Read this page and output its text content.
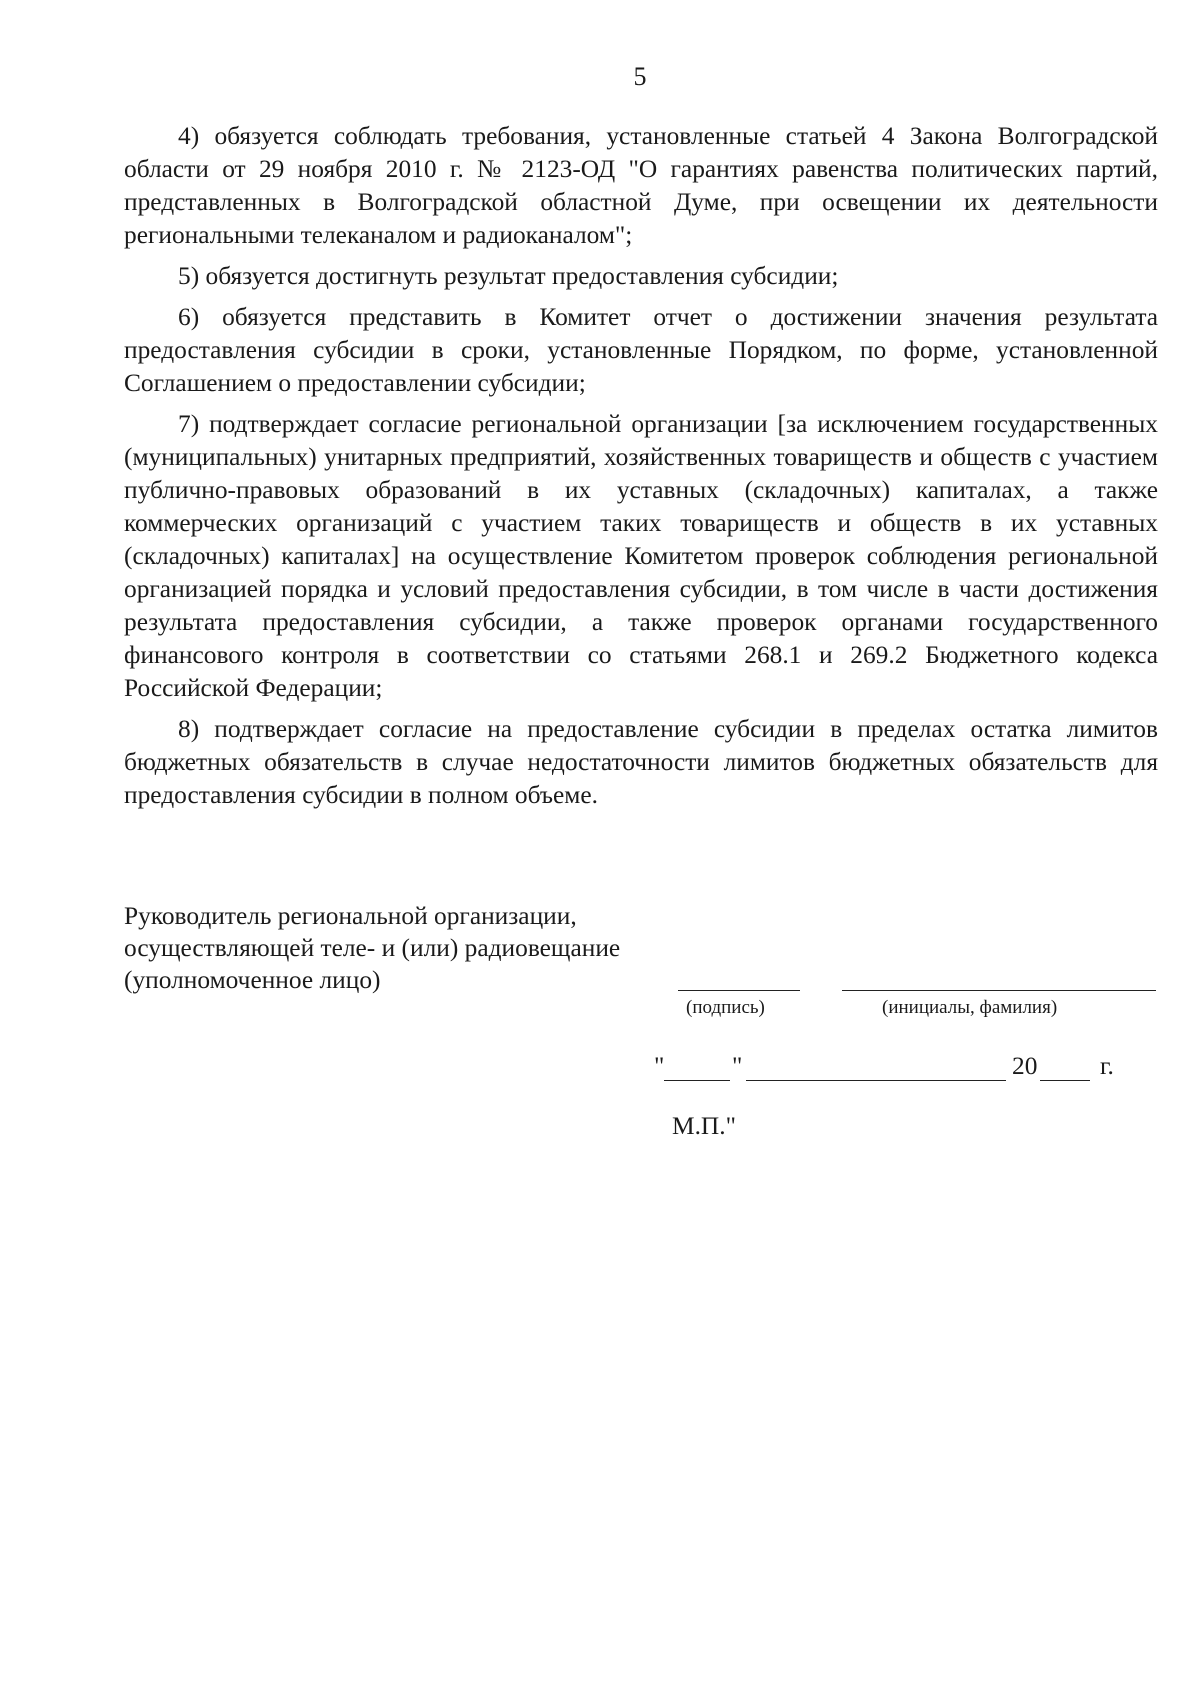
5

4) обязуется соблюдать требования, установленные статьей 4 Закона Волгоградской области от 29 ноября 2010 г. № 2123-ОД "О гарантиях равенства политических партий, представленных в Волгоградской областной Думе, при освещении их деятельности региональными телеканалом и радиоканалом";

5) обязуется достигнуть результат предоставления субсидии;

6) обязуется представить в Комитет отчет о достижении значения результата предоставления субсидии в сроки, установленные Порядком, по форме, установленной Соглашением о предоставлении субсидии;

7) подтверждает согласие региональной организации [за исключением государственных (муниципальных) унитарных предприятий, хозяйственных товариществ и обществ с участием публично-правовых образований в их уставных (складочных) капиталах, а также коммерческих организаций с участием таких товариществ и обществ в их уставных (складочных) капиталах] на осуществление Комитетом проверок соблюдения региональной организацией порядка и условий предоставления субсидии, в том числе в части достижения результата предоставления субсидии, а также проверок органами государственного финансового контроля в соответствии со статьями 268.1 и 269.2 Бюджетного кодекса Российской Федерации;

8) подтверждает согласие на предоставление субсидии в пределах остатка лимитов бюджетных обязательств в случае недостаточности лимитов бюджетных обязательств для предоставления субсидии в полном объеме.

Руководитель региональной организации,
осуществляющей теле- и (или) радиовещание
(уполномоченное лицо)
(подпись)	(инициалы, фамилия)
"	"	20 г.
М.П."
